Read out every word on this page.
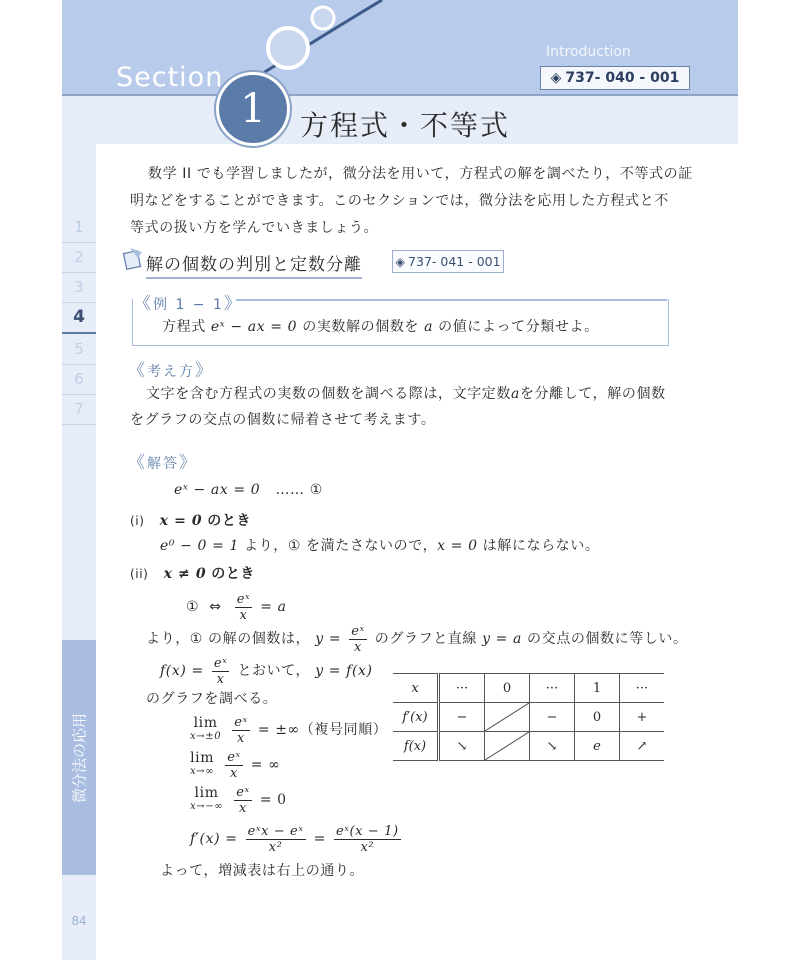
Section
Introduction
◈ 737- 040 - 001
1	方程式・不等式
1
2
3
4
5
6
7
微分法の応用
84
数学 II でも学習しましたが，微分法を用いて，方程式の解を調べたり，不等式の証
明などをすることができます。このセクションでは，微分法を応用した方程式と不
等式の扱い方を学んでいきましょう。
解の個数の判別と定数分離	◈ 737- 041 - 001
《例 1 − 1》
方程式 eˣ − ax = 0 の実数解の個数を a の値によって分類せよ。
《考え方》
文字を含む方程式の実数の個数を調べる際は，文字定数aを分離して，解の個数
をグラフの交点の個数に帰着させて考えます。
《解答》
eˣ − ax = 0 …… ①
(i) x = 0 のとき
e⁰ − 0 = 1 より，① を満たさないので，x = 0 は解にならない。
(ii) x ≠ 0 のとき
① ⇔ $\frac{\text{eˣ}}{x} = a$
より，① の解の個数は， $y = \frac{\text{eˣ}}{x}$ のグラフと直線 y = a の交点の個数に等しい。
$f(x) = \frac{\text{eˣ}}{x}$ とおいて， y = f(x)
のグラフを調べる。
lim
x→±0
$\frac{\text{eˣ}}{x}$ = ±∞（複号同順）
lim
x→∞
$\frac{\text{eˣ}}{x}$ = ∞
lim
x→−∞
$\frac{\text{eˣ}}{x} = 0$
$f'(x) = \frac{\text{eˣx − eˣ}}{\text{x²}} = \frac{\text{eˣ(x − 1)}}{\text{x²}}$
よって，増減表は右上の通り。
x	···	0	···	1	···
f′(x)	−		−	0	+
f(x)	↘		↘	e	↗
